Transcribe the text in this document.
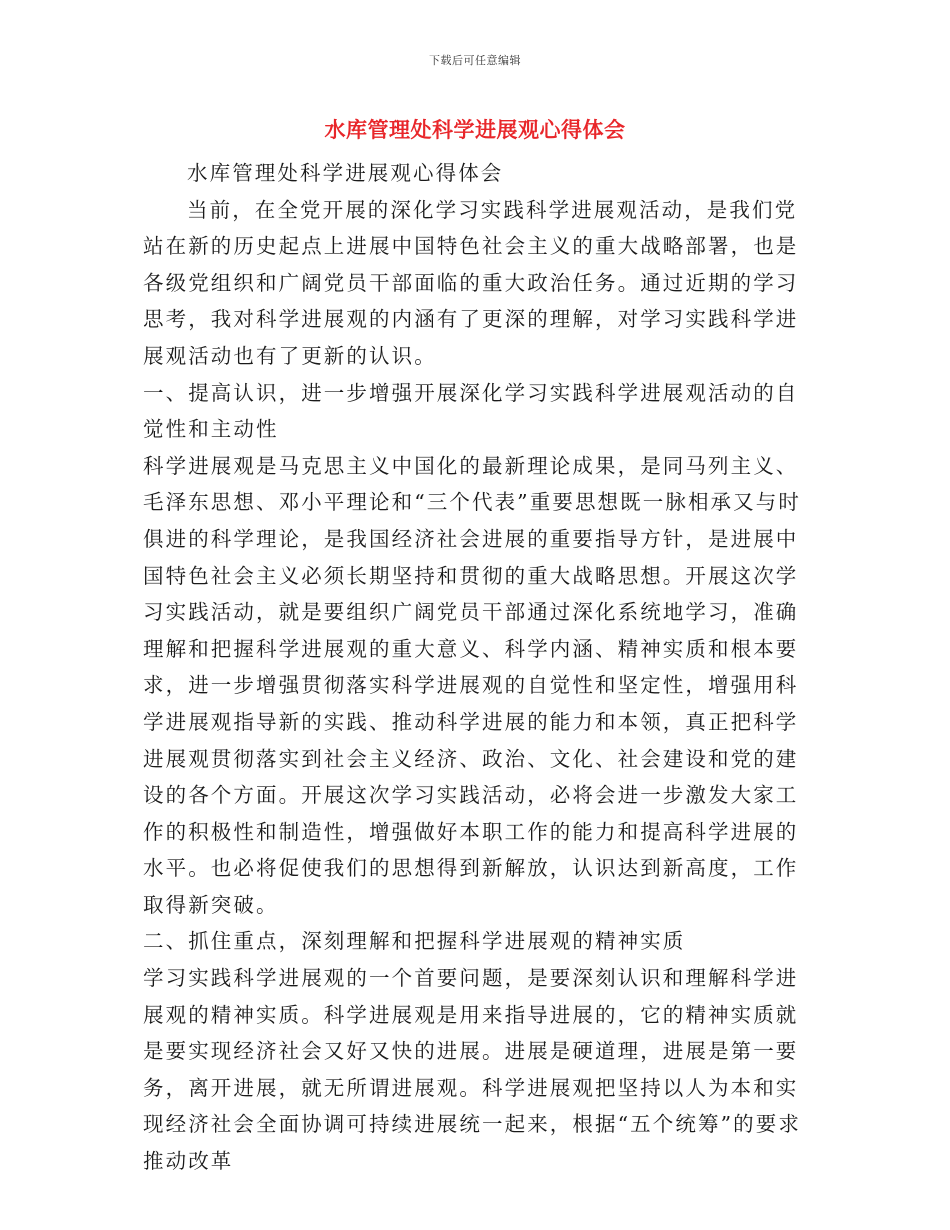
下载后可任意编辑
水库管理处科学进展观心得体会

水库管理处科学进展观心得体会

当前，在全党开展的深化学习实践科学进展观活动，是我们党站在新的历史起点上进展中国特色社会主义的重大战略部署，也是各级党组织和广阔党员干部面临的重大政治任务。通过近期的学习思考，我对科学进展观的内涵有了更深的理解，对学习实践科学进展观活动也有了更新的认识。

一、提高认识，进一步增强开展深化学习实践科学进展观活动的自觉性和主动性

科学进展观是马克思主义中国化的最新理论成果，是同马列主义、毛泽东思想、邓小平理论和“三个代表”重要思想既一脉相承又与时俱进的科学理论，是我国经济社会进展的重要指导方针，是进展中国特色社会主义必须长期坚持和贯彻的重大战略思想。开展这次学习实践活动，就是要组织广阔党员干部通过深化系统地学习，准确理解和把握科学进展观的重大意义、科学内涵、精神实质和根本要求，进一步增强贯彻落实科学进展观的自觉性和坚定性，增强用科学进展观指导新的实践、推动科学进展的能力和本领，真正把科学进展观贯彻落实到社会主义经济、政治、文化、社会建设和党的建设的各个方面。开展这次学习实践活动，必将会进一步激发大家工作的积极性和制造性，增强做好本职工作的能力和提高科学进展的水平。也必将促使我们的思想得到新解放，认识达到新高度，工作取得新突破。

二、抓住重点，深刻理解和把握科学进展观的精神实质

学习实践科学进展观的一个首要问题，是要深刻认识和理解科学进展观的精神实质。科学进展观是用来指导进展的，它的精神实质就是要实现经济社会又好又快的进展。进展是硬道理，进展是第一要务，离开进展，就无所谓进展观。科学进展观把坚持以人为本和实现经济社会全面协调可持续进展统一起来，根据“五个统筹”的要求推动改革
